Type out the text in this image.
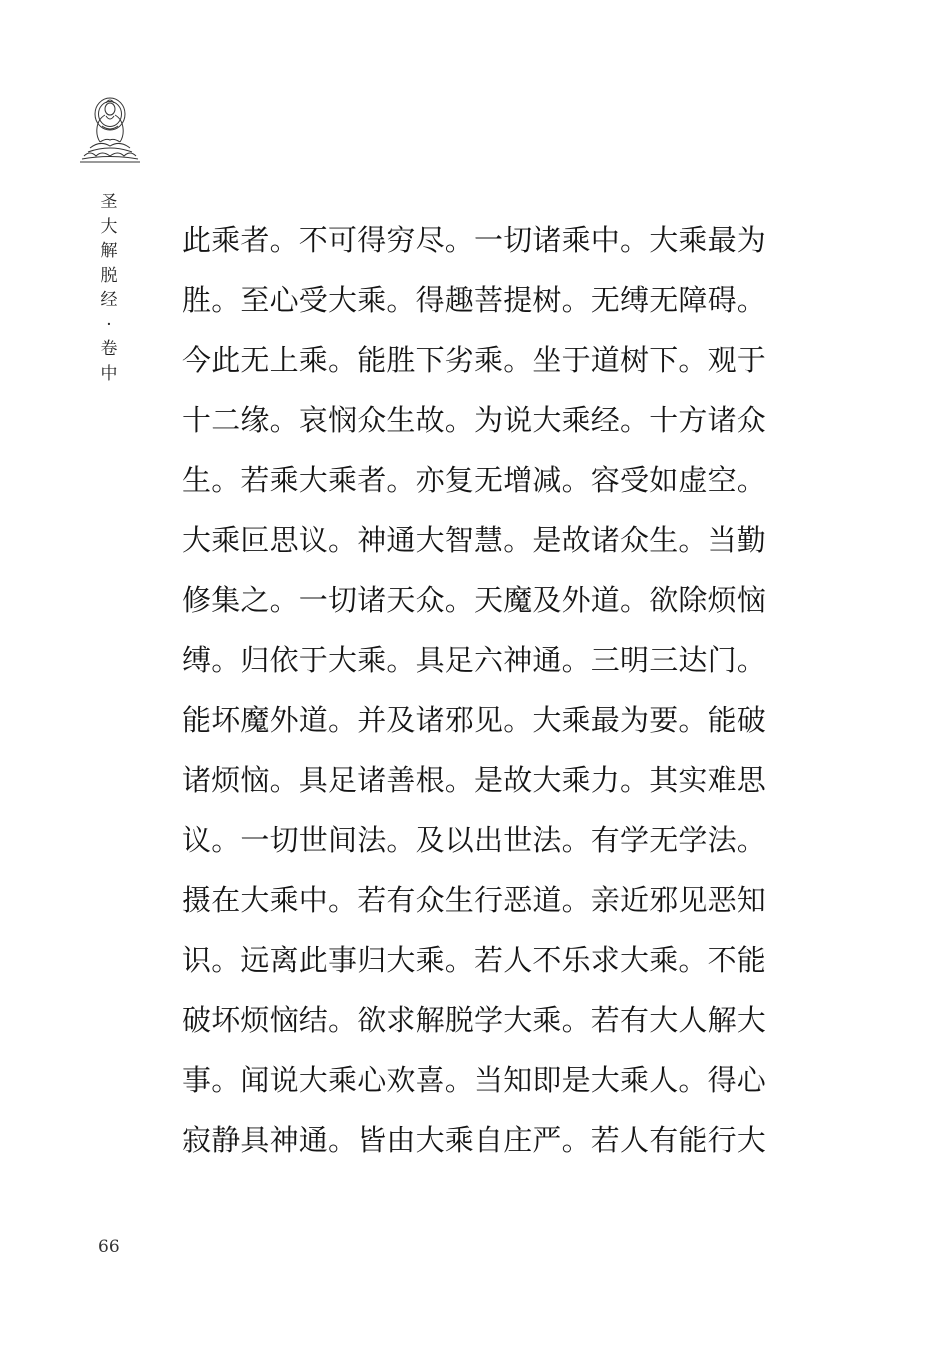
圣
大
解
脱
经
·
卷
中
此乘者。不可得穷尽。一切诸乘中。大乘最为
胜。至心受大乘。得趣菩提树。无缚无障碍。
今此无上乘。能胜下劣乘。坐于道树下。观于
十二缘。哀悯众生故。为说大乘经。十方诸众
生。若乘大乘者。亦复无增减。容受如虚空。
大乘叵思议。神通大智慧。是故诸众生。当勤
修集之。一切诸天众。天魔及外道。欲除烦恼
缚。归依于大乘。具足六神通。三明三达门。
能坏魔外道。并及诸邪见。大乘最为要。能破
诸烦恼。具足诸善根。是故大乘力。其实难思
议。一切世间法。及以出世法。有学无学法。
摄在大乘中。若有众生行恶道。亲近邪见恶知
识。远离此事归大乘。若人不乐求大乘。不能
破坏烦恼结。欲求解脱学大乘。若有大人解大
事。闻说大乘心欢喜。当知即是大乘人。得心
寂静具神通。皆由大乘自庄严。若人有能行大
66
